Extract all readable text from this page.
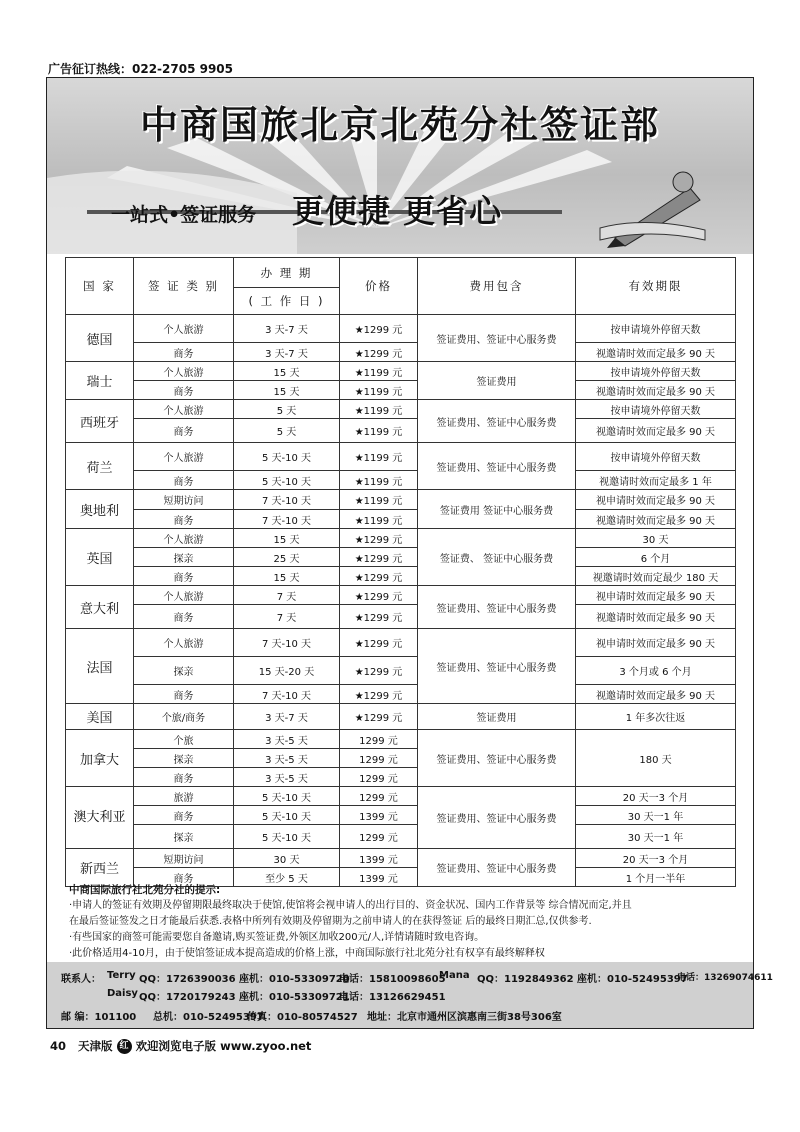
广告征订热线：022-2705 9905
中商国旅北京北苑分社签证部
一站式•签证服务 更便捷 更省心
国 家	签 证 类 别	办 理 期	价格	费用包含	有效期限
		( 工 作 日 )			
德国	个人旅游	3 天-7 天	★1299 元	签证费用、签证中心服务费	按申请境外停留天数
	商务	3 天-7 天	★1299 元		视邀请时效而定最多 90 天
瑞士	个人旅游	15 天	★1199 元	签证费用	按申请境外停留天数
	商务	15 天	★1199 元		视邀请时效而定最多 90 天
西班牙	个人旅游	5 天	★1199 元	签证费用、签证中心服务费	按申请境外停留天数
	商务	5 天	★1199 元		视邀请时效而定最多 90 天
荷兰	个人旅游	5 天-10 天	★1199 元	签证费用、签证中心服务费	按申请境外停留天数
	商务	5 天-10 天	★1199 元		视邀请时效而定最多 1 年
奥地利	短期访问	7 天-10 天	★1199 元	签证费用 签证中心服务费	视申请时效而定最多 90 天
	商务	7 天-10 天	★1199 元		视邀请时效而定最多 90 天
英国	个人旅游	15 天	★1299 元	签证费、 签证中心服务费	30 天
	探亲	25 天	★1299 元		6 个月
	商务	15 天	★1299 元		视邀请时效而定最少 180 天
意大利	个人旅游	7 天	★1299 元	签证费用、签证中心服务费	视申请时效而定最多 90 天
	商务	7 天	★1299 元		视邀请时效而定最多 90 天
法国	个人旅游	7 天-10 天	★1299 元	签证费用、签证中心服务费	视申请时效而定最多 90 天
	探亲	15 天-20 天	★1299 元		3 个月或 6 个月
	商务	7 天-10 天	★1299 元		视邀请时效而定最多 90 天
美国	个旅/商务	3 天-7 天	★1299 元	签证费用	1 年多次往返
加拿大	个旅	3 天-5 天	1299 元	签证费用、签证中心服务费	180 天
	探亲	3 天-5 天	1299 元		
	商务	3 天-5 天	1299 元		
澳大利亚	旅游	5 天-10 天	1299 元	签证费用、签证中心服务费	20 天一3 个月
	商务	5 天-10 天	1399 元		30 天一1 年
	探亲	5 天-10 天	1299 元		30 天一1 年
新西兰	短期访问	30 天	1399 元	签证费用、签证中心服务费	20 天一3 个月
	商务	至少 5 天	1399 元		1 个月一半年
中商国际旅行社北苑分社的提示:
·申请人的签证有效期及停留期限最终取决于使馆,使馆将会视申请人的出行目的、资金状况、国内工作背景等 综合情况而定,并且
在最后签证签发之日才能最后获悉.表格中所列有效期及停留期为之前申请人的在获得签证 后的最终日期汇总,仅供参考.
·有些国家的商签可能需要您自备邀请,购买签证费,外领区加收200元/人,详情请随时致电咨询。
·此价格适用4-10月，由于使馆签证成本提高造成的价格上涨，中商国际旅行社北苑分社有权享有最终解释权
联系人： Terry QQ：1726390036 座机：010-53309720
电话：15810098605
Mana QQ：1192849362 座机：010-52495397
电话：13269074611
Daisy QQ：1720179243 座机：010-53309721
电话：13126629451
邮 编：101100 总机：010-52495397
传真：010-80574527 地址：北京市通州区滨惠南三街38号306室
40 天津版 红 欢迎浏览电子版 www.zyoo.net
